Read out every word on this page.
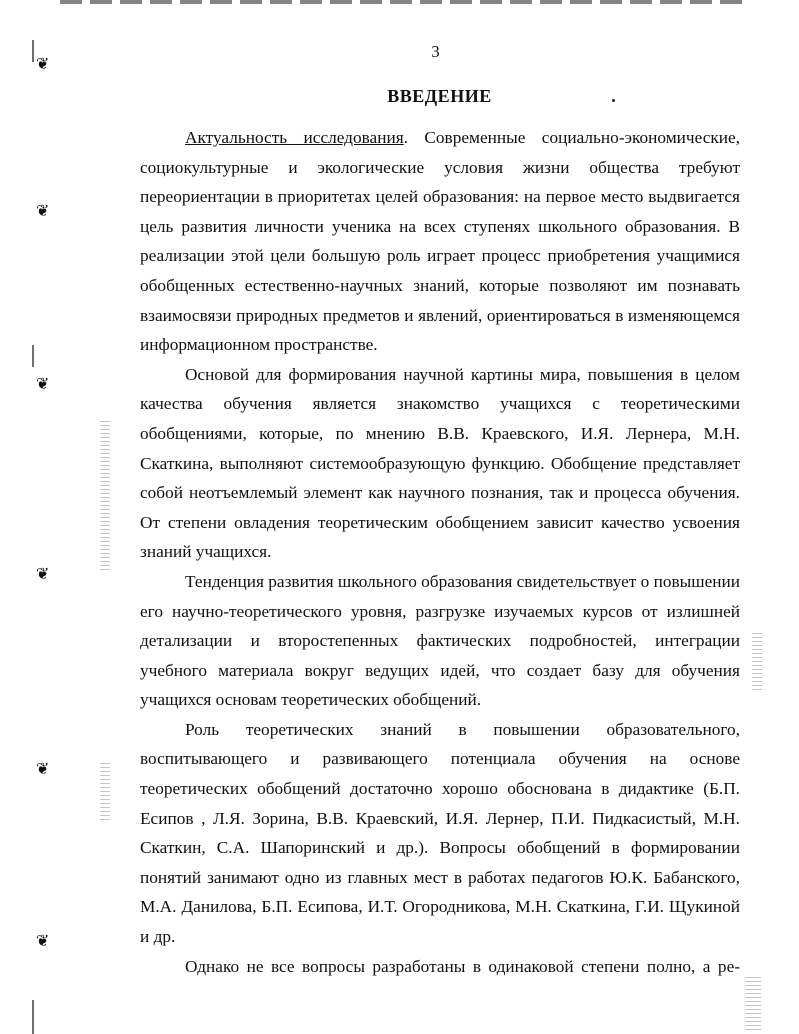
3
ВВЕДЕНИЕ
❦
❦
❦
❦
❦
❦

Актуальность исследования. Современные социально-экономические, социокультурные и экологические условия жизни общества требуют переориентации в приоритетах целей образования: на первое место выдвигается цель развития личности ученика на всех ступенях школьного образования. В реализации этой цели большую роль играет процесс приобретения учащимися обобщенных естественно-научных знаний, которые позволяют им познавать взаимосвязи природных предметов и явлений, ориентироваться в изменяющемся информационном пространстве.

Основой для формирования научной картины мира, повышения в целом качества обучения является знакомство учащихся с теоретическими обобщениями, которые, по мнению В.В. Краевского, И.Я. Лернера, М.Н. Скаткина, выполняют системообразующую функцию. Обобщение представляет собой неотъемлемый элемент как научного познания, так и процесса обучения. От степени овладения теоретическим обобщением зависит качество усвоения знаний учащихся.

Тенденция развития школьного образования свидетельствует о повышении его научно-теоретического уровня, разгрузке изучаемых курсов от излишней детализации и второстепенных фактических подробностей, интеграции учебного материала вокруг ведущих идей, что создает базу для обучения учащихся основам теоретических обобщений.

Роль теоретических знаний в повышении образовательного, воспитывающего и развивающего потенциала обучения на основе теоретических обобщений достаточно хорошо обоснована в дидактике (Б.П. Есипов , Л.Я. Зорина, В.В. Краевский, И.Я. Лернер, П.И. Пидкасистый, М.Н. Скаткин, С.А. Шапоринский и др.). Вопросы обобщений в формировании понятий занимают одно из главных мест в работах педагогов Ю.К. Бабанского, М.А. Данилова, Б.П. Есипова, И.Т. Огородникова, М.Н. Скаткина, Г.И. Щукиной и др.

Однако не все вопросы разработаны в одинаковой степени полно, а ре-
